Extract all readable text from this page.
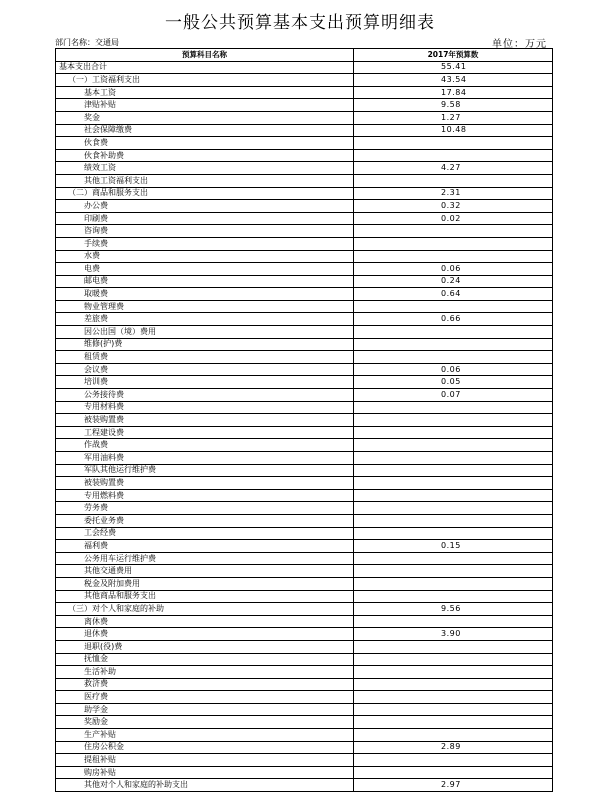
一般公共预算基本支出预算明细表
部门名称：交通局	单位：万元
预算科目名称	2017年预算数
基本支出合计	55.41
（一）工资福利支出	43.54
基本工资	17.84
津贴补贴	9.58
奖金	1.27
社会保障缴费	10.48
伙食费	
伙食补助费	
绩效工资	4.27
其他工资福利支出	
（二）商品和服务支出	2.31
办公费	0.32
印刷费	0.02
咨询费	
手续费	
水费	
电费	0.06
邮电费	0.24
取暖费	0.64
物业管理费	
差旅费	0.66
因公出国（境）费用	
维修(护)费	
租赁费	
会议费	0.06
培训费	0.05
公务接待费	0.07
专用材料费	
被装购置费	
工程建设费	
作战费	
军用油料费	
军队其他运行维护费	
被装购置费	
专用燃料费	
劳务费	
委托业务费	
工会经费	
福利费	0.15
公务用车运行维护费	
其他交通费用	
税金及附加费用	
其他商品和服务支出	
（三）对个人和家庭的补助	9.56
离休费	
退休费	3.90
退职(役)费	
抚恤金	
生活补助	
救济费	
医疗费	
助学金	
奖励金	
生产补贴	
住房公积金	2.89
提租补贴	
购房补贴	
其他对个人和家庭的补助支出	2.97
